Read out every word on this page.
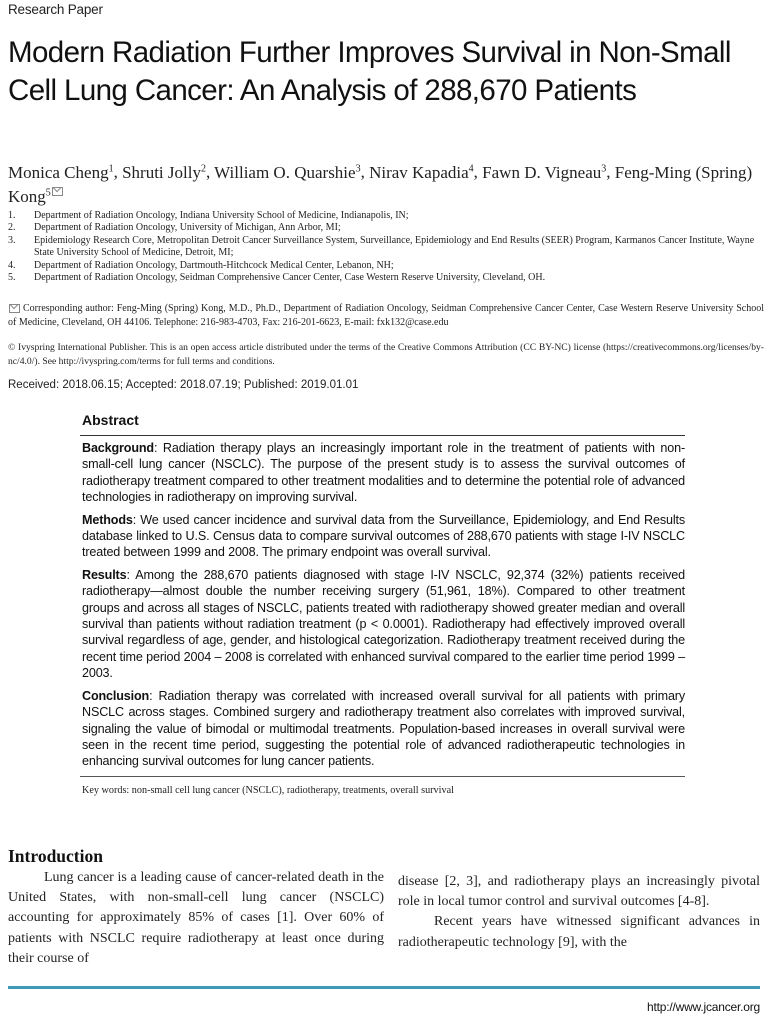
Research Paper
Modern Radiation Further Improves Survival in Non-Small Cell Lung Cancer: An Analysis of 288,670 Patients
Monica Cheng$^1$, Shruti Jolly$^2$, William O. Quarshie$^3$, Nirav Kapadia$^4$, Fawn D. Vigneau$^3$, Feng-Ming (Spring) Kong$^5$
1.	Department of Radiation Oncology, Indiana University School of Medicine, Indianapolis, IN;
2.	Department of Radiation Oncology, University of Michigan, Ann Arbor, MI;
3.	Epidemiology Research Core, Metropolitan Detroit Cancer Surveillance System, Surveillance, Epidemiology and End Results (SEER) Program, Karmanos Cancer Institute, Wayne State University School of Medicine, Detroit, MI;
4.	Department of Radiation Oncology, Dartmouth-Hitchcock Medical Center, Lebanon, NH;
5.	Department of Radiation Oncology, Seidman Comprehensive Cancer Center, Case Western Reserve University, Cleveland, OH.
Corresponding author: Feng-Ming (Spring) Kong, M.D., Ph.D., Department of Radiation Oncology, Seidman Comprehensive Cancer Center, Case Western Reserve University School of Medicine, Cleveland, OH 44106. Telephone: 216-983-4703, Fax: 216-201-6623, E-mail: fxk132@case.edu
© Ivyspring International Publisher. This is an open access article distributed under the terms of the Creative Commons Attribution (CC BY-NC) license (https://creativecommons.org/licenses/by-nc/4.0/). See http://ivyspring.com/terms for full terms and conditions.
Received: 2018.06.15; Accepted: 2018.07.19; Published: 2019.01.01
Abstract

Background: Radiation therapy plays an increasingly important role in the treatment of patients with non-small-cell lung cancer (NSCLC). The purpose of the present study is to assess the survival outcomes of radiotherapy treatment compared to other treatment modalities and to determine the potential role of advanced technologies in radiotherapy on improving survival.

Methods: We used cancer incidence and survival data from the Surveillance, Epidemiology, and End Results database linked to U.S. Census data to compare survival outcomes of 288,670 patients with stage I-IV NSCLC treated between 1999 and 2008. The primary endpoint was overall survival.

Results: Among the 288,670 patients diagnosed with stage I-IV NSCLC, 92,374 (32%) patients received radiotherapy—almost double the number receiving surgery (51,961, 18%). Compared to other treatment groups and across all stages of NSCLC, patients treated with radiotherapy showed greater median and overall survival than patients without radiation treatment (p < 0.0001). Radiotherapy had effectively improved overall survival regardless of age, gender, and histological categorization. Radiotherapy treatment received during the recent time period 2004 – 2008 is correlated with enhanced survival compared to the earlier time period 1999 – 2003.

Conclusion: Radiation therapy was correlated with increased overall survival for all patients with primary NSCLC across stages. Combined surgery and radiotherapy treatment also correlates with improved survival, signaling the value of bimodal or multimodal treatments. Population-based increases in overall survival were seen in the recent time period, suggesting the potential role of advanced radiotherapeutic technologies in enhancing survival outcomes for lung cancer patients.

Key words: non-small cell lung cancer (NSCLC), radiotherapy, treatments, overall survival
Introduction
Lung cancer is a leading cause of cancer-related death in the United States, with non-small-cell lung cancer (NSCLC) accounting for approximately 85% of cases [1]. Over 60% of patients with NSCLC require radiotherapy at least once during their course of
disease [2, 3], and radiotherapy plays an increasingly pivotal role in local tumor control and survival outcomes [4-8].
Recent years have witnessed significant advances in radiotherapeutic technology [9], with the
http://www.jcancer.org
